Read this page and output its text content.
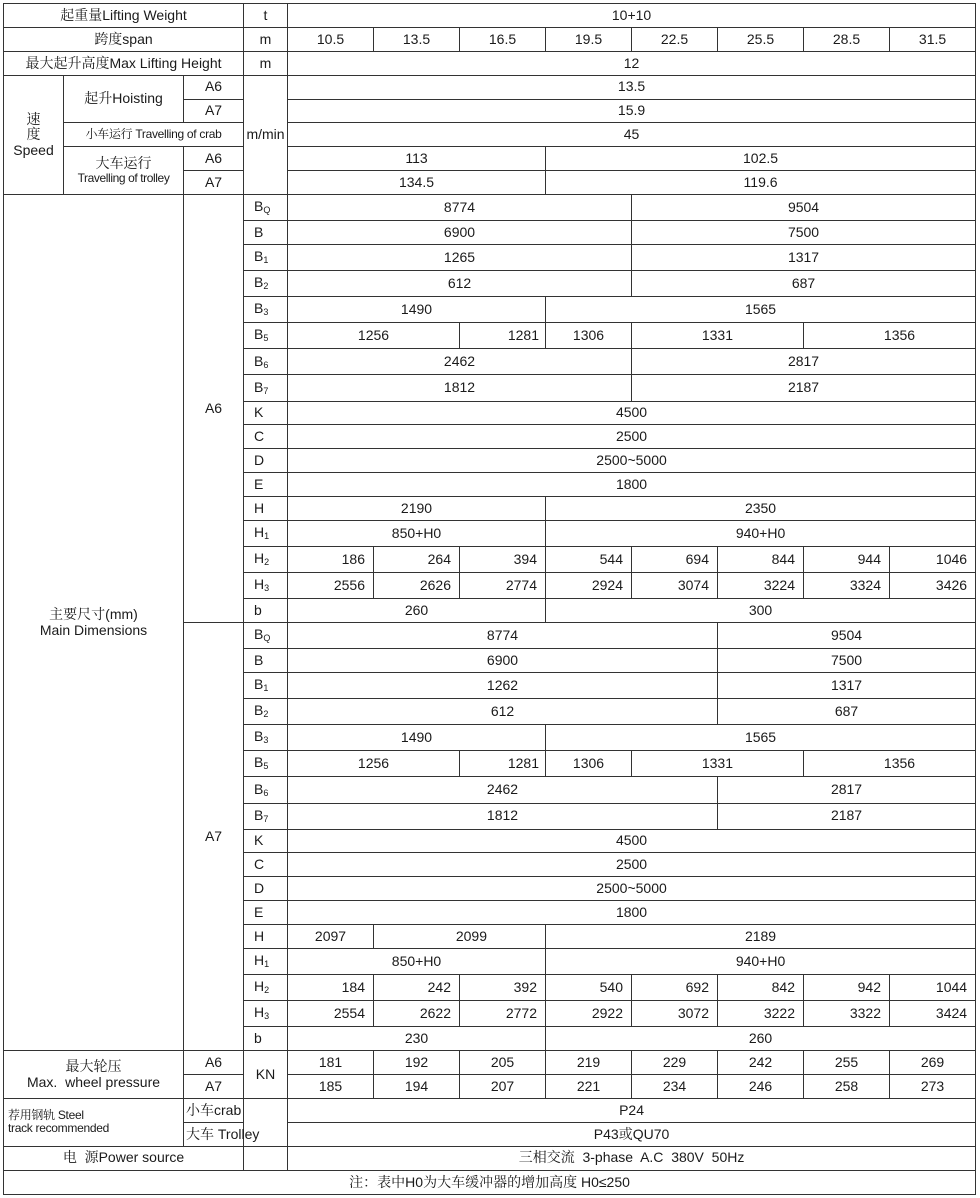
起重量Lifting Weight			t	10+10							
跨度span			m	10.5	13.5	16.5	19.5	22.5	25.5	28.5	31.5
最大起升高度Max Lifting Height			m	12							

速度
Speed	起升Hoisting	A6	m/min	13.5							
		A7		15.9							
	小车运行 Travelling of crab			45							

	大车运行
Travelling of trolley	A6		113			102.5				
		A7		134.5			119.6				

主要尺寸(mm)
Main Dimensions		A6	$B_Q$	8774				9504			
			B	6900				7500			
			$B_1$	1265				1317			
			$B_2$	612				687			
			$B_3$	1490			1565				
			$B_5$	1256		1281	1306	1331		1356	
			$B_6$	2462				2817			
			$B_7$	1812				2187			
			K	4500							
			C	2500							
			D	2500~5000							
			E	1800							
			H	2190			2350				
			$H_1$	850+H0			940+H0				
			$H_2$	186	264	394	544	694	844	944	1046
			$H_3$	2556	2626	2774	2924	3074	3224	3324	3426
			b	260			300				
		A7	$B_Q$	8774					9504		
			B	6900					7500		
			$B_1$	1262					1317		
			$B_2$	612					687		
			$B_3$	1490			1565				
			$B_5$	1256		1281	1306	1331		1356	
			$B_6$	2462					2817		
			$B_7$	1812					2187		
			K	4500							
			C	2500							
			D	2500~5000							
			E	1800							
			H	2097	2099		2189				
			$H_1$	850+H0			940+H0				
			$H_2$	184	242	392	540	692	842	942	1044
			$H_3$	2554	2622	2772	2922	3072	3222	3322	3424
			b	230			260				

最大轮压
Max.  wheel pressure		A6	KN	181	192	205	219	229	242	255	269
		A7		185	194	207	221	234	246	258	273

荐用钢轨 Steel
track recommended		小车crab		P24							
		大车 Trolley		P43或QU70							
电  源Power source				三相交流  3-phase  A.C  380V  50Hz							
注：表中H0为大车缓冲器的增加高度 H0≤250											
